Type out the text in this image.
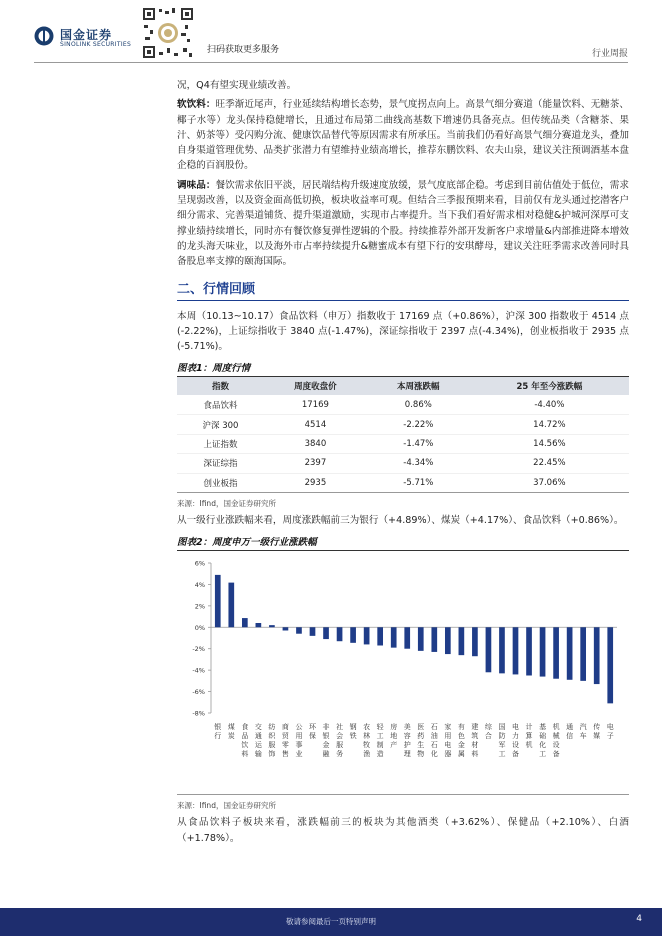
国金证券
SINOLINK SECURITIES
扫码获取更多服务	行业周报

况，Q4有望实现业绩改善。

软饮料：旺季渐近尾声，行业延续结构增长态势，景气度拐点向上。高景气细分赛道（能量饮料、无糖茶、椰子水等）龙头保持稳健增长，且通过布局第二曲线高基数下增速仍具备亮点。但传统品类（含糖茶、果汁、奶茶等）受闪购分流、健康饮品替代等原因需求有所承压。当前我们仍看好高景气细分赛道龙头，叠加自身渠道管理优势、品类扩张潜力有望维持业绩高增长，推荐东鹏饮料、农夫山泉，建议关注预调酒基本盘企稳的百润股份。

调味品：餐饮需求依旧平淡，居民端结构升级速度放缓，景气度底部企稳。考虑到目前估值处于低位，需求呈现弱改善，以及资金面高低切换，板块收益率可观。但结合三季报预期来看，目前仅有龙头通过挖潜客户细分需求、完善渠道铺货、提升渠道激励，实现市占率提升。当下我们看好需求相对稳健&护城河深厚可支撑业绩持续增长，同时亦有餐饮修复弹性逻辑的个股。持续推荐外部开发新客户求增量&内部推进降本增效的龙头海天味业，以及海外市占率持续提升&糖蜜成本有望下行的安琪酵母，建议关注旺季需求改善同时具备股息率支撑的颐海国际。

二、行情回顾

本周（10.13~10.17）食品饮料（申万）指数收于 17169 点（+0.86%），沪深 300 指数收于 4514 点(-2.22%)，上证综指收于 3840 点(-1.47%)，深证综指收于 2397 点(-4.34%)，创业板指收于 2935 点(-5.71%)。

图表1：周度行情
指数	周度收盘价	本周涨跌幅	25 年至今涨跌幅
食品饮料	17169	0.86%	-4.40%
沪深 300	4514	-2.22%	14.72%
上证指数	3840	-1.47%	14.56%
深证综指	2397	-4.34%	22.45%
创业板指	2935	-5.71%	37.06%
来源：Ifind，国金证券研究所

从一级行业涨跌幅来看，周度涨跌幅前三为银行（+4.89%）、煤炭（+4.17%）、食品饮料（+0.86%）。

图表2：周度申万一级行业涨跌幅
6%
4%
2%
0%
-2%
-4%
-6%
-8%
银
行
煤
炭
食
品
饮
料
交
通
运
输
纺
织
服
饰
商
贸
零
售
公
用
事
业
环
保
非
银
金
融
社
会
服
务
钢
铁
农
林
牧
渔
轻
工
制
造
房
地
产
美
容
护
理
医
药
生
物
石
油
石
化
家
用
电
器
有
色
金
属
建
筑
材
料
综
合
国
防
军
工
电
力
设
备
计
算
机
基
础
化
工
机
械
设
备
通
信
汽
车
传
媒
电
子
来源：Ifind，国金证券研究所

从食品饮料子板块来看，涨跌幅前三的板块为其他酒类（+3.62%）、保健品（+2.10%）、白酒（+1.78%）。

敬请参阅最后一页特别声明	4
